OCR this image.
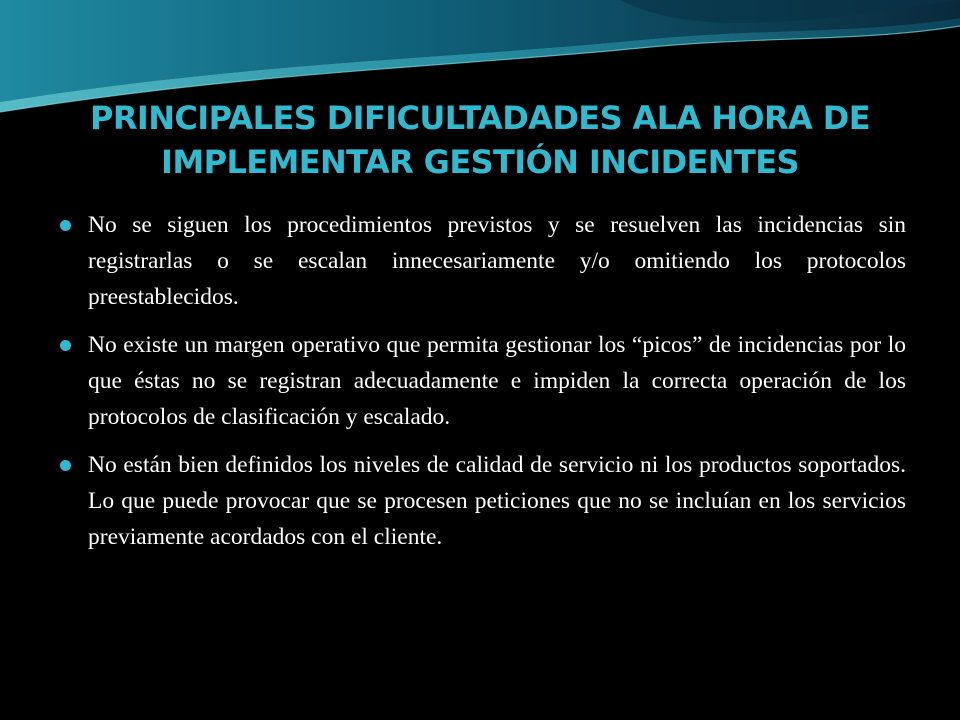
PRINCIPALES DIFICULTADADES ALA HORA DE
IMPLEMENTAR GESTIÓN INCIDENTES
No se siguen los procedimientos previstos y se resuelven las incidencias sin registrarlas o se escalan innecesariamente y/o omitiendo los protocolos preestablecidos.
No existe un margen operativo que permita gestionar los “picos” de incidencias por lo que éstas no se registran adecuadamente e impiden la correcta operación de los protocolos de clasificación y escalado.
No están bien definidos los niveles de calidad de servicio ni los productos soportados. Lo que puede provocar que se procesen peticiones que no se incluían en los servicios previamente acordados con el cliente.
